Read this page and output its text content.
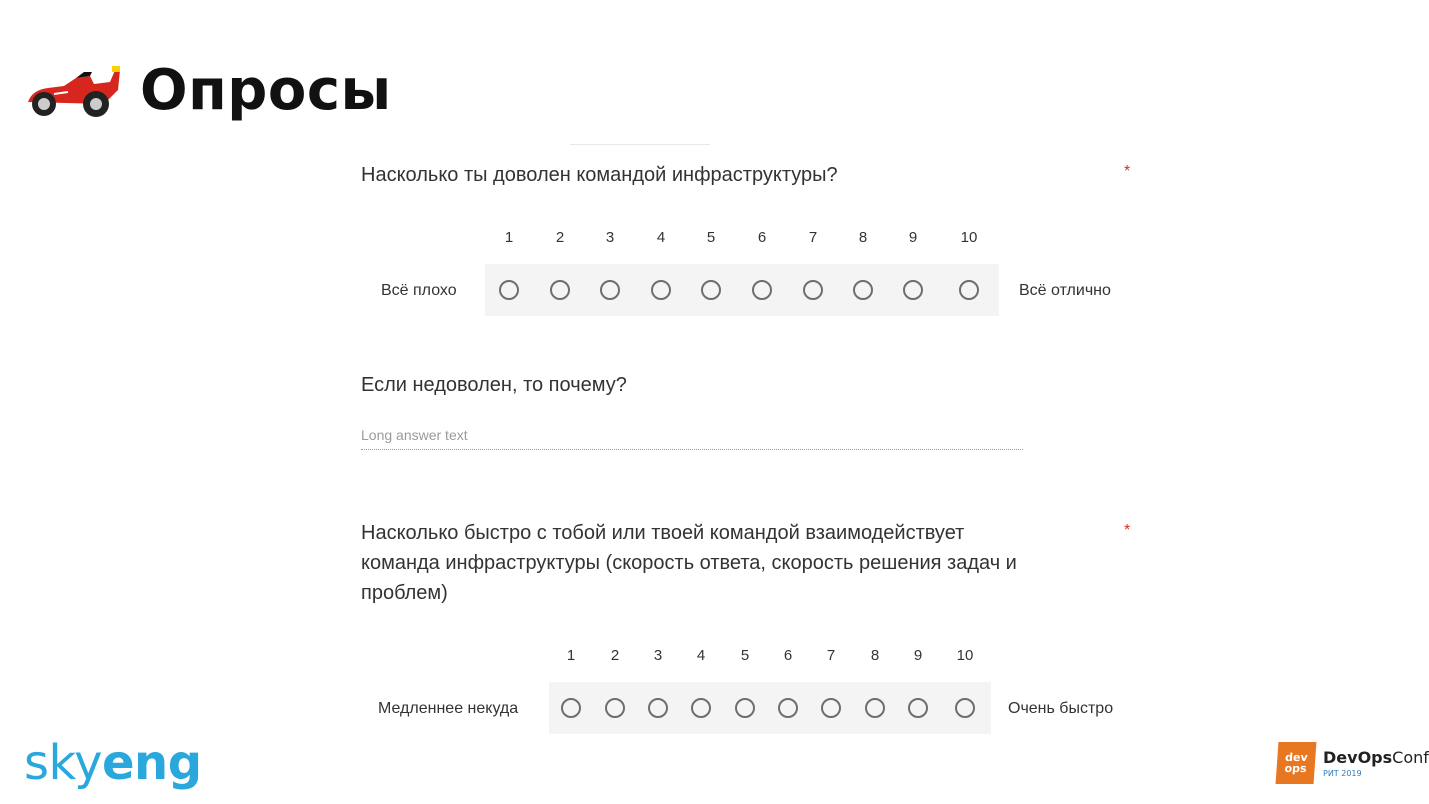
Опросы
Насколько ты доволен командой инфраструктуры?	*
1	2	3	4	5	6	7	8	9	10
Всё плохо	Всё отлично
Если недоволен, то почему?
Long answer text
Насколько быстро с тобой или твоей командой взаимодействует
команда инфраструктуры (скорость ответа, скорость решения задач и
проблем)
*
1 2 3 4 5 6 7 8 9 10
Медленнее некуда	Очень быстро
skyeng	dev
ops
DevOpsConf
РИТ 2019
